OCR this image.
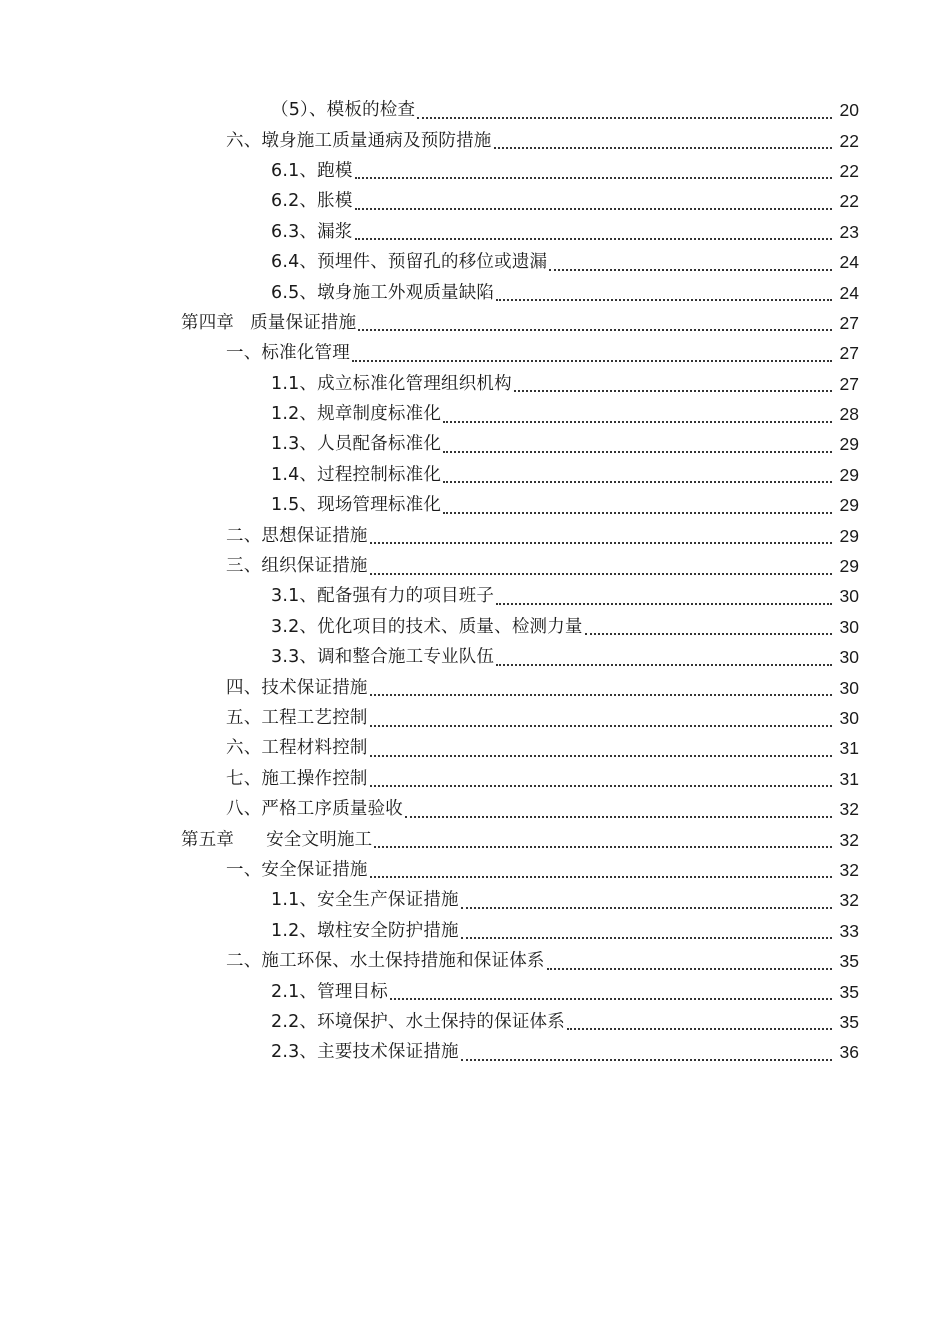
（5）、模板的检查	20
六、墩身施工质量通病及预防措施	22
6.1、跑模	22
6.2、胀模	22
6.3、漏浆	23
6.4、预埋件、预留孔的移位或遗漏	24
6.5、墩身施工外观质量缺陷	24
第四章 质量保证措施	27
一、标准化管理	27
1.1、成立标准化管理组织机构	27
1.2、规章制度标准化	28
1.3、人员配备标准化	29
1.4、过程控制标准化	29
1.5、现场管理标准化	29
二、思想保证措施	29
三、组织保证措施	29
3.1、配备强有力的项目班子	30
3.2、优化项目的技术、质量、检测力量	30
3.3、调和整合施工专业队伍	30
四、技术保证措施	30
五、工程工艺控制	30
六、工程材料控制	31
七、施工操作控制	31
八、严格工序质量验收	32
第五章 安全文明施工	32
一、安全保证措施	32
1.1、安全生产保证措施	32
1.2、墩柱安全防护措施	33
二、施工环保、水土保持措施和保证体系	35
2.1、管理目标	35
2.2、环境保护、水土保持的保证体系	35
2.3、主要技术保证措施	36
